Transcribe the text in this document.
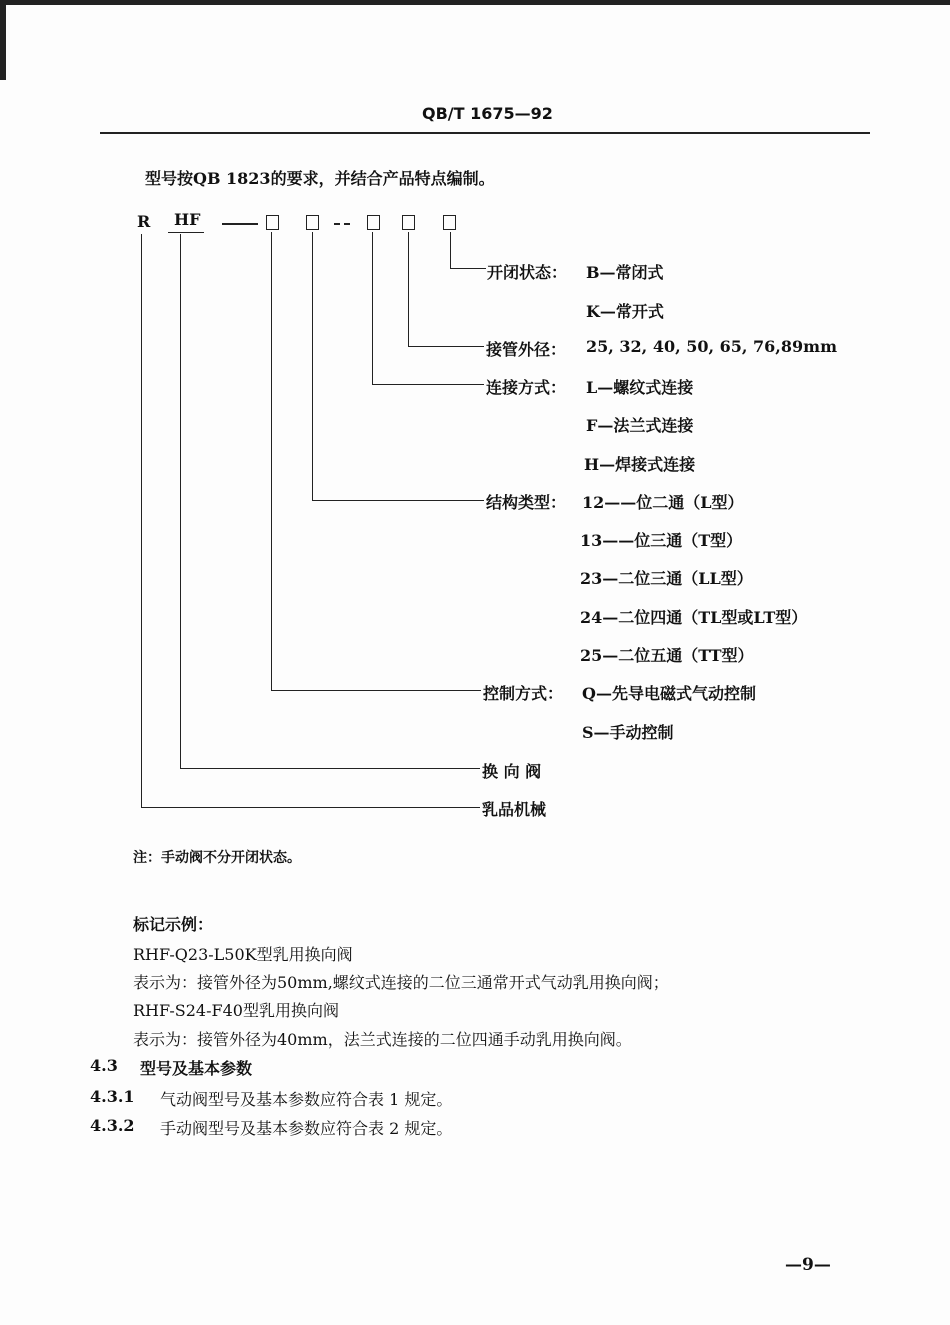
QB/T 1675—92
型号按QB 1823的要求，并结合产品特点编制。
R HF
开闭状态： B—常闭式
K—常开式
接管外径： 25, 32, 40, 50, 65, 76,89mm
连接方式： L—螺纹式连接
F—法兰式连接
H—焊接式连接
结构类型： 12——位二通（L型）
13——位三通（T型）
23—二位三通（LL型）
24—二位四通（TL型或LT型）
25—二位五通（TT型）
控制方式： Q—先导电磁式气动控制
S—手动控制
换 向 阀
乳品机械
注：手动阀不分开闭状态。
标记示例：
RHF-Q23-L50K型乳用换向阀
表示为：接管外径为50mm,螺纹式连接的二位三通常开式气动乳用换向阀；
RHF-S24-F40型乳用换向阀
表示为：接管外径为40mm，法兰式连接的二位四通手动乳用换向阀。
4.3 型号及基本参数
4.3.1 气动阀型号及基本参数应符合表 1 规定。
4.3.2 手动阀型号及基本参数应符合表 2 规定。
—9—
